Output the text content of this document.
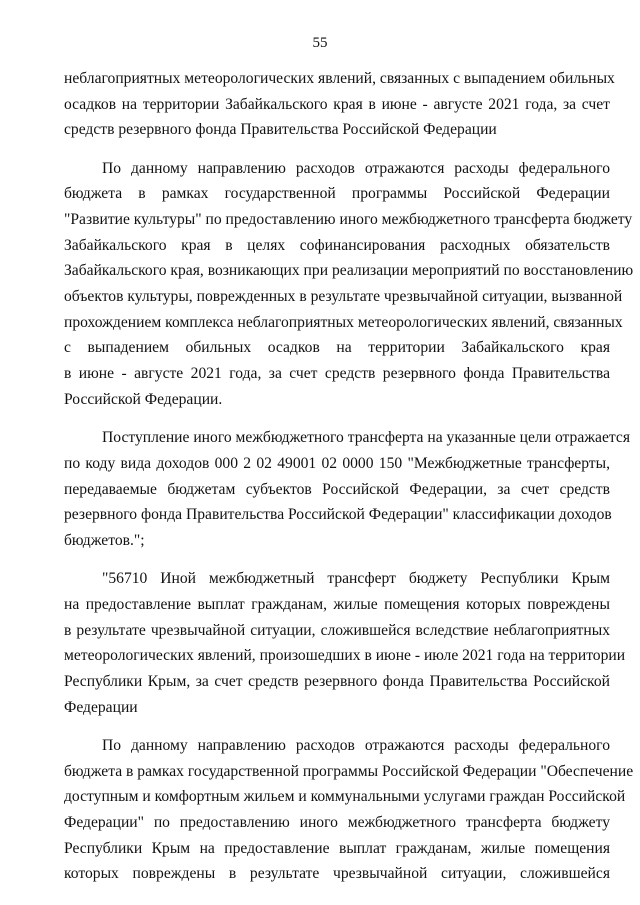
55
неблагоприятных метеорологических явлений, связанных с выпадением обильных
осадков на территории Забайкальского края в июне - августе 2021 года, за счет
средств резервного фонда Правительства Российской Федерации
По данному направлению расходов отражаются расходы федерального
бюджета в рамках государственной программы Российской Федерации
"Развитие культуры" по предоставлению иного межбюджетного трансферта бюджету
Забайкальского края в целях софинансирования расходных обязательств
Забайкальского края, возникающих при реализации мероприятий по восстановлению
объектов культуры, поврежденных в результате чрезвычайной ситуации, вызванной
прохождением комплекса неблагоприятных метеорологических явлений, связанных
с выпадением обильных осадков на территории Забайкальского края
в июне - августе 2021 года, за счет средств резервного фонда Правительства
Российской Федерации.
Поступление иного межбюджетного трансферта на указанные цели отражается
по коду вида доходов 000 2 02 49001 02 0000 150 "Межбюджетные трансферты,
передаваемые бюджетам субъектов Российской Федерации, за счет средств
резервного фонда Правительства Российской Федерации" классификации доходов
бюджетов.";
"56710 Иной межбюджетный трансферт бюджету Республики Крым
на предоставление выплат гражданам, жилые помещения которых повреждены
в результате чрезвычайной ситуации, сложившейся вследствие неблагоприятных
метеорологических явлений, произошедших в июне - июле 2021 года на территории
Республики Крым, за счет средств резервного фонда Правительства Российской
Федерации
По данному направлению расходов отражаются расходы федерального
бюджета в рамках государственной программы Российской Федерации "Обеспечение
доступным и комфортным жильем и коммунальными услугами граждан Российской
Федерации" по предоставлению иного межбюджетного трансферта бюджету
Республики Крым на предоставление выплат гражданам, жилые помещения
которых повреждены в результате чрезвычайной ситуации, сложившейся
